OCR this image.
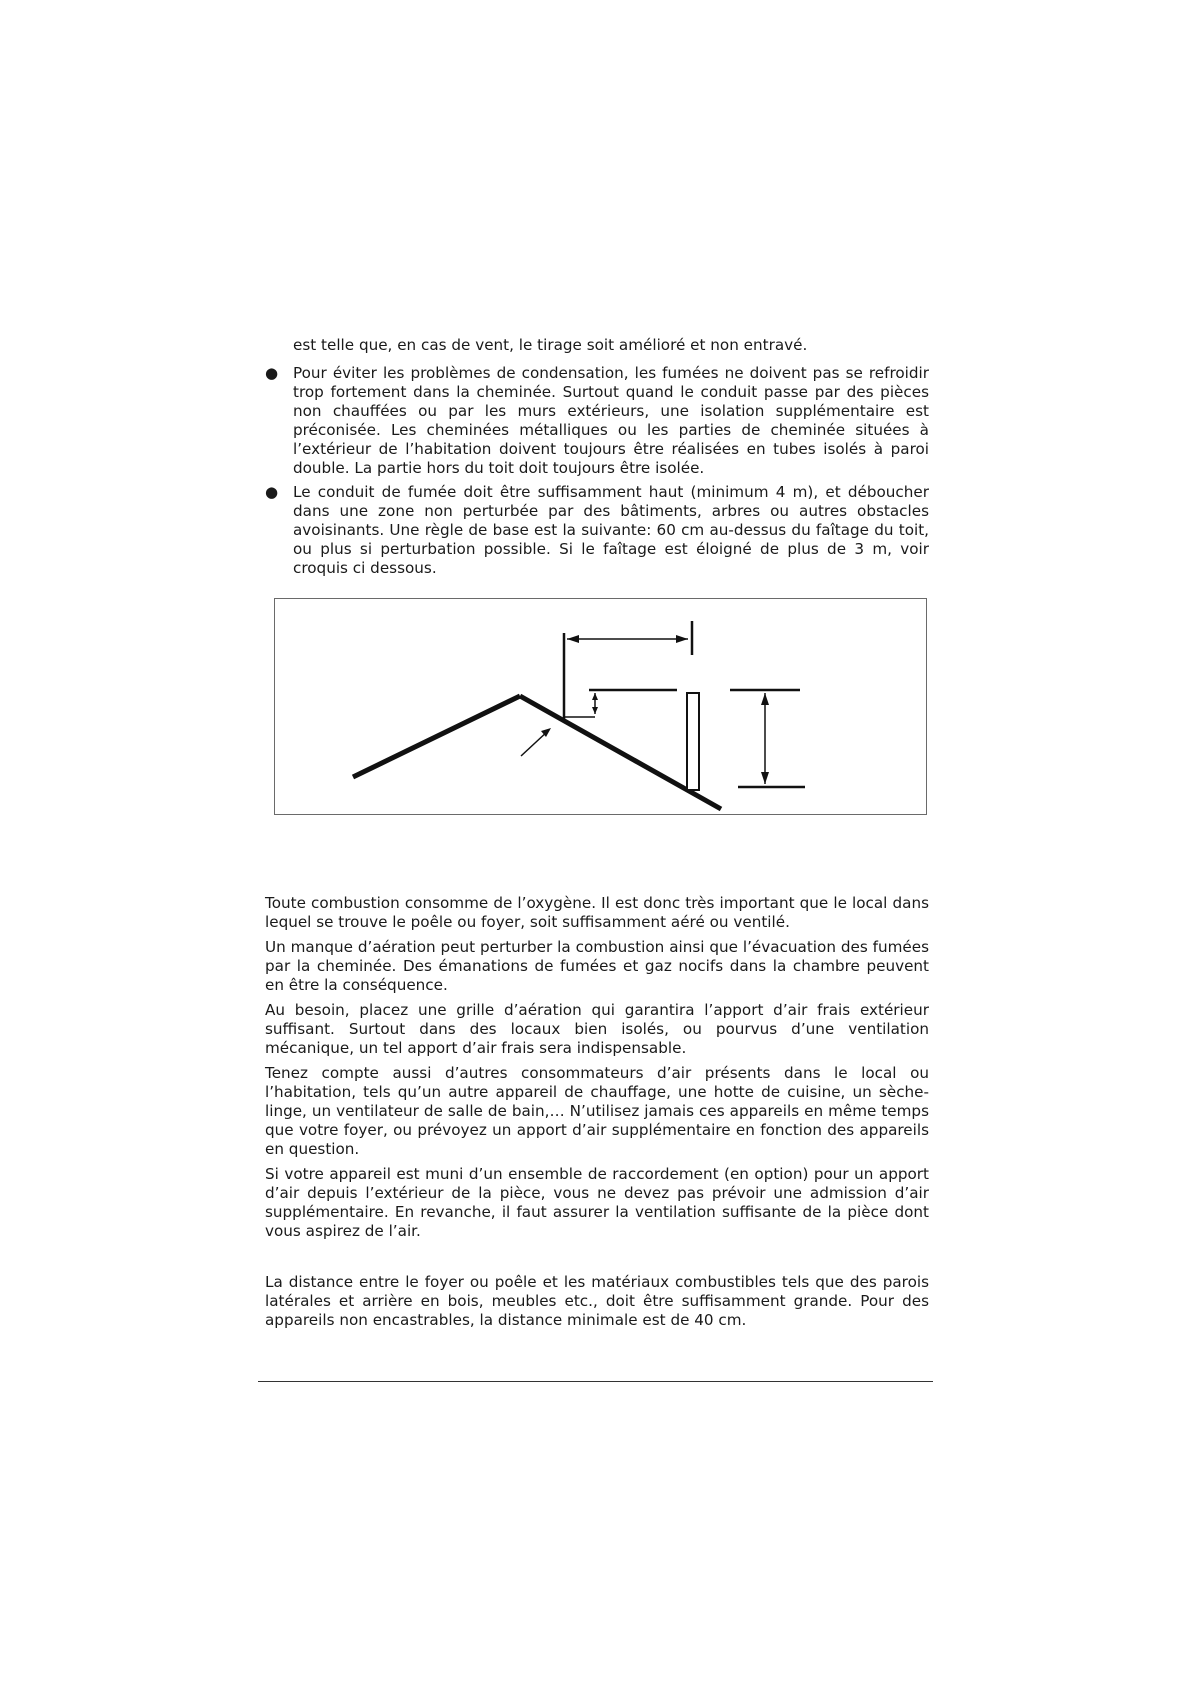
est telle que, en cas de vent, le tirage soit amélioré et non entravé.
● Pour éviter les problèmes de condensation, les fumées ne doivent pas se refroidir trop fortement dans la cheminée. Surtout quand le conduit passe par des pièces non chauffées ou par les murs extérieurs, une isolation supplémentaire est préconisée. Les cheminées métalliques ou les parties de cheminée situées à l’extérieur de l’habitation doivent toujours être réalisées en tubes isolés à paroi double. La partie hors du toit doit toujours être isolée.
● Le conduit de fumée doit être suffisamment haut (minimum 4 m), et déboucher dans une zone non perturbée par des bâtiments, arbres ou autres obstacles avoisinants. Une règle de base est la suivante: 60 cm au-dessus du faîtage du toit, ou plus si perturbation possible. Si le faîtage est éloigné de plus de 3 m, voir croquis ci dessous.

Toute combustion consomme de l’oxygène. Il est donc très important que le local dans lequel se trouve le poêle ou foyer, soit suffisamment aéré ou ventilé.

Un manque d’aération peut perturber la combustion ainsi que l’évacuation des fumées par la cheminée. Des émanations de fumées et gaz nocifs dans la chambre peuvent en être la conséquence.

Au besoin, placez une grille d’aération qui garantira l’apport d’air frais extérieur suffisant. Surtout dans des locaux bien isolés, ou pourvus d’une ventilation mécanique, un tel apport d’air frais sera indispensable.

Tenez compte aussi d’autres consommateurs d’air présents dans le local ou l’habitation, tels qu’un autre appareil de chauffage, une hotte de cuisine, un sèche-linge, un ventilateur de salle de bain,… N’utilisez jamais ces appareils en même temps que votre foyer, ou prévoyez un apport d’air supplémentaire en fonction des appareils en question.

Si votre appareil est muni d’un ensemble de raccordement (en option) pour un apport d’air depuis l’extérieur de la pièce, vous ne devez pas prévoir une admission d’air supplémentaire. En revanche, il faut assurer la ventilation suffisante de la pièce dont vous aspirez de l’air.

La distance entre le foyer ou poêle et les matériaux combustibles tels que des parois latérales et arrière en bois, meubles etc., doit être suffisamment grande. Pour des appareils non encastrables, la distance minimale est de 40 cm.
